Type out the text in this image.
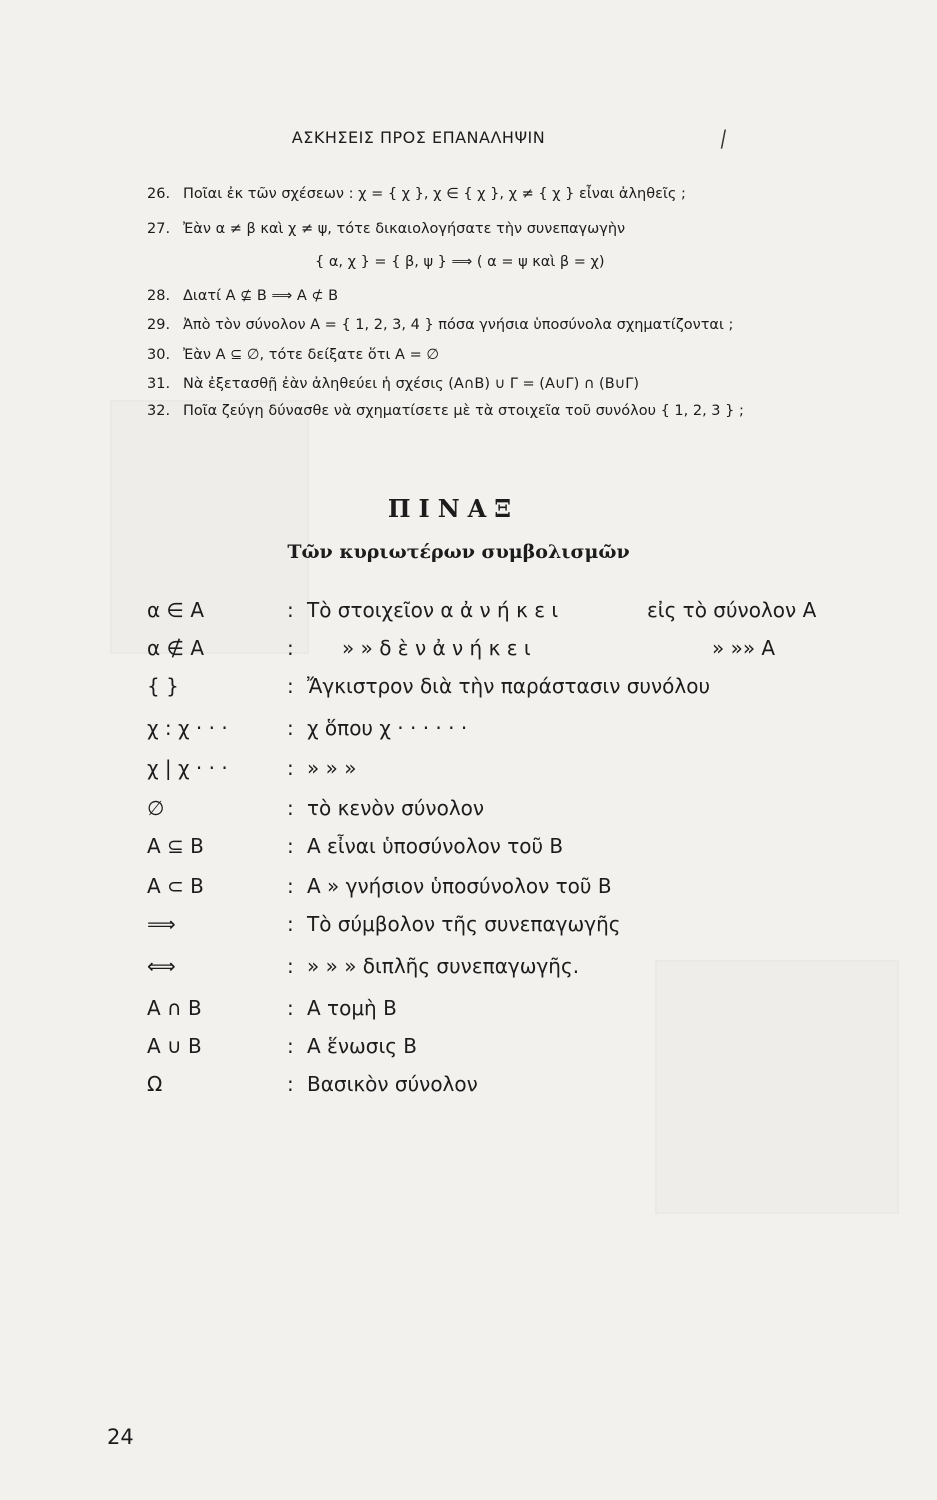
ΑΣΚΗΣΕΙΣ ΠΡΟΣ ΕΠΑΝΑΛΗΨΙΝ	⁄
26. Ποῖαι ἐκ τῶν σχέσεων : χ = { χ }, χ ∈ { χ }, χ ≠ { χ } εἶναι ἀληθεῖς ;
27. Ἐὰν α ≠ β καὶ χ ≠ ψ, τότε δικαιολογήσατε τὴν συνεπαγωγὴν
{ α, χ } = { β, ψ } ⟹ ( α = ψ καὶ β = χ)
28. Διατί A ⊈ B ⟹ A ⊄ B
29. Ἀπὸ τὸν σύνολον A = { 1, 2, 3, 4 } πόσα γνήσια ὑποσύνολα σχηματίζονται ;
30. Ἐὰν A ⊆ ∅, τότε δείξατε ὅτι A = ∅
31. Νὰ ἐξετασθῇ ἐὰν ἀληθεύει ἡ σχέσις (A∩B) ∪ Γ = (A∪Γ) ∩ (B∪Γ)
32. Ποῖα ζεύγη δύνασθε νὰ σχηματίσετε μὲ τὰ στοιχεῖα τοῦ συνόλου { 1, 2, 3 } ;
ΠΙΝΑΞ
Τῶν κυριωτέρων συμβολισμῶν
α ∈ A	: Τὸ στοιχεῖον α ἀ ν ή κ ε ι	εἰς τὸ σύνολον A
α ∉ A	: » » δ ὲ ν ἀ ν ή κ ε ι	» »» A
{ }	: Ἄγκιστρον διὰ τὴν παράστασιν συνόλου
χ : χ · · ·	: χ ὅπου χ · · · · · ·
χ | χ · · ·	: » » »
∅	: τὸ κενὸν σύνολον
A ⊆ B	: A εἶναι ὑποσύνολον τοῦ B
A ⊂ B	: A » γνήσιον ὑποσύνολον τοῦ B
⟹	: Τὸ σύμβολον τῆς συνεπαγωγῆς
⟺	: » » » διπλῆς συνεπαγωγῆς.
A ∩ B	: A τομὴ B
A ∪ B	: A ἕνωσις B
Ω	: Βασικὸν σύνολον
24
